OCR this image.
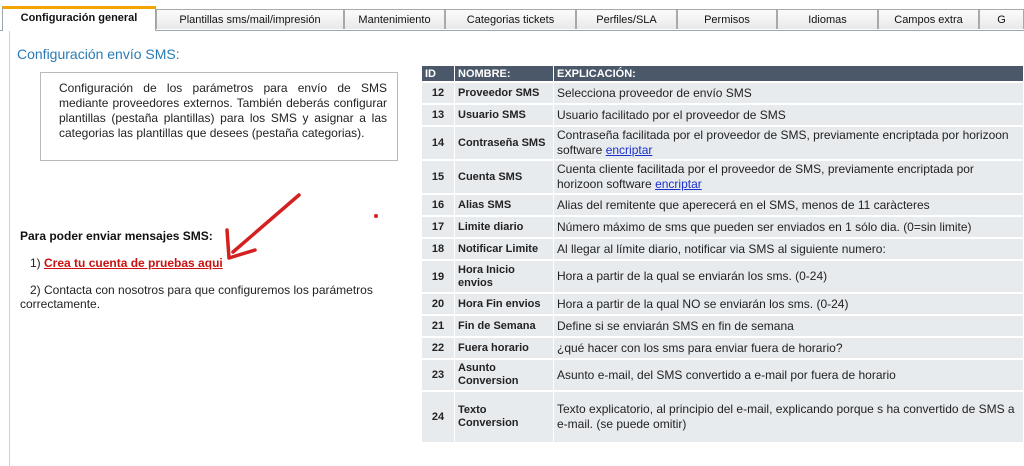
Configuración general	Plantillas sms/mail/impresión	Mantenimiento	Categorias tickets	Perfiles/SLA	Permisos	Idiomas	Campos extra	G
Configuración envío SMS:
Configuración de los parámetros para envío de SMS mediante proveedores externos. También deberás configurar plantillas (pestaña plantillas) para los SMS y asignar a las categorias las plantillas que desees (pestaña categorias).
Para poder enviar mensajes SMS:
1) Crea tu cuenta de pruebas aqui
2) Contacta con nosotros para que configuremos los parámetros correctamente.
ID	NOMBRE:	EXPLICACIÓN:
12	Proveedor SMS	Selecciona proveedor de envío SMS
13	Usuario SMS	Usuario facilitado por el proveedor de SMS
14	Contraseña SMS	Contraseña facilitada por el proveedor de SMS, previamente encriptada por horizoon software encriptar
15	Cuenta SMS	Cuenta cliente facilitada por el proveedor de SMS, previamente encriptada por horizoon software encriptar
16	Alias SMS	Alias del remitente que aperecerá en el SMS, menos de 11 caràcteres
17	Limite diario	Número máximo de sms que pueden ser enviados en 1 sólo dia. (0=sin limite)
18	Notificar Limite	Al llegar al límite diario, notificar via SMS al siguiente numero:
19	Hora Inicio envios	Hora a partir de la qual se enviarán los sms. (0-24)
20	Hora Fin envios	Hora a partir de la qual NO se enviarán los sms. (0-24)
21	Fin de Semana	Define si se enviarán SMS en fin de semana
22	Fuera horario	¿qué hacer con los sms para enviar fuera de horario?
23	Asunto Conversion	Asunto e-mail, del SMS convertido a e-mail por fuera de horario
24	Texto Conversion	Texto explicatorio, al principio del e-mail, explicando porque s ha convertido de SMS a e-mail. (se puede omitir)
